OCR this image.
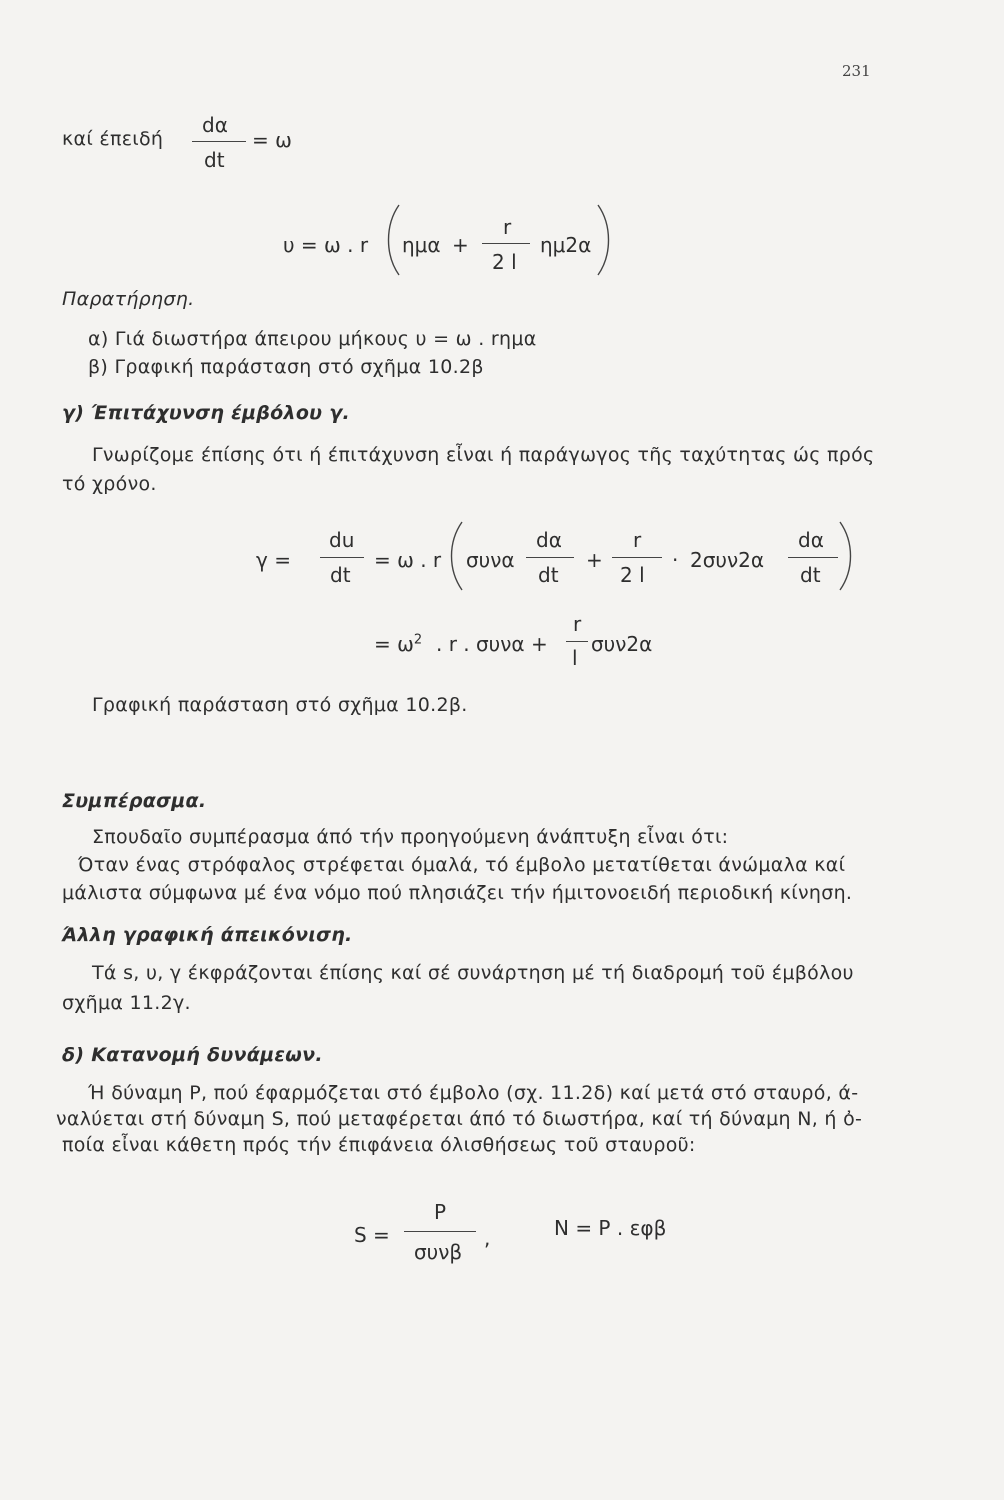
231
καί έπειδή
dα
dt
= ω
υ = ω . r ημα +
r
2 l
ημ2α
Παρατήρηση.
α) Γιά διωστήρα άπειρου μήκους υ = ω . rημα
β) Γραφική παράσταση στό σχῆμα 10.2β
γ) Έπιτάχυνση έμβόλου γ.
Γνωρίζομε έπίσης ότι ή έπιτάχυνση εἶναι ή παράγωγος τῆς ταχύτητας ώς πρός
τό χρόνο.
γ =
du
dt
= ω . r συνα
dα
dt
+
r
2 l
· 2συν2α
dα
dt
= $\omega^2$ . r . συνα +
r
l
συν2α
Γραφική παράσταση στό σχῆμα 10.2β.
Συμπέρασμα.
Σπουδαῖο συμπέρασμα άπό τήν προηγούμενη άνάπτυξη εἶναι ότι:
Όταν ένας στρόφαλος στρέφεται όμαλά, τό έμβολο μετατίθεται άνώμαλα καί
μάλιστα σύμφωνα μέ ένα νόμο πού πλησιάζει τήν ήμιτονοειδή περιοδική κίνηση.
Άλλη γραφική άπεικόνιση.
Τά s, υ, γ έκφράζονται έπίσης καί σέ συνάρτηση μέ τή διαδρομή τοῦ έμβόλου
σχῆμα 11.2γ.
δ) Κατανομή δυνάμεων.
Ή δύναμη Ρ, πού έφαρμόζεται στό έμβολο (σχ. 11.2δ) καί μετά στό σταυρό, ά-
ναλύεται στή δύναμη S, πού μεταφέρεται άπό τό διωστήρα, καί τή δύναμη Ν, ή ὀ-
ποία εἶναι κάθετη πρός τήν έπιφάνεια όλισθήσεως τοῦ σταυροῦ:
S =
P
συνβ
,	N = P . εφβ
